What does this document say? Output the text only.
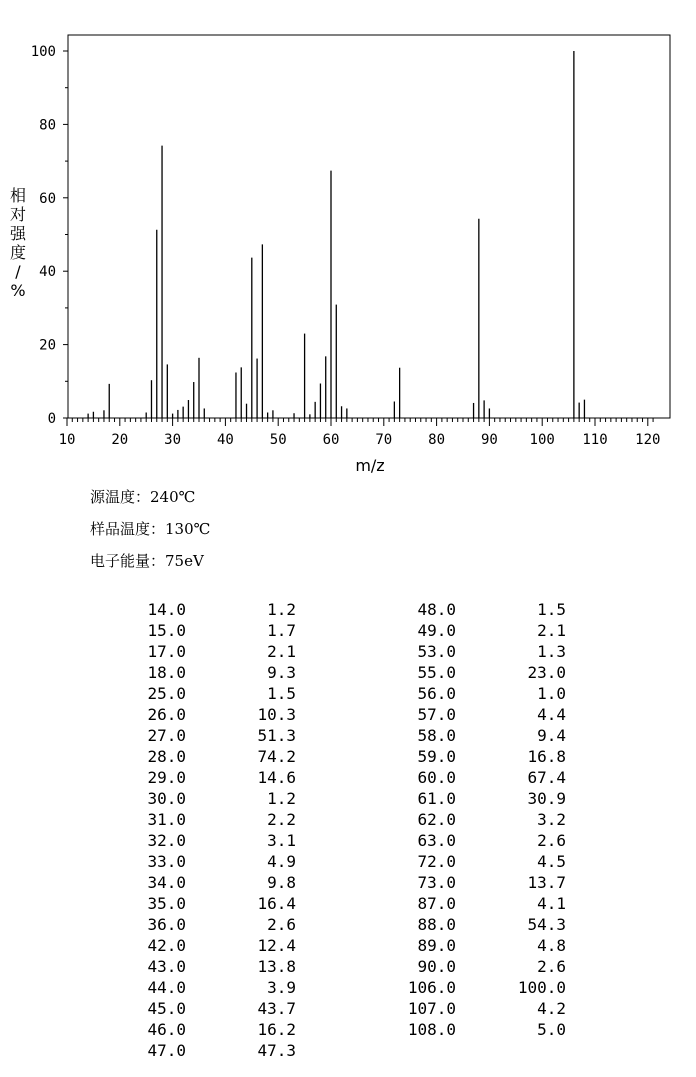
0
20
40
60
80
100
10	20	30	40	50	60	70	80	90 100 110 120
相
对
强
度
/
%
m/z
源温度：240℃
样品温度：130℃
电子能量：75eV
14.0	1.2
15.0	1.7
17.0	2.1
18.0	9.3
25.0	1.5
26.0	10.3
27.0	51.3
28.0	74.2
29.0	14.6
30.0	1.2
31.0	2.2
32.0	3.1
33.0	4.9
34.0	9.8
35.0	16.4
36.0	2.6
42.0	12.4
43.0	13.8
44.0	3.9
45.0	43.7
46.0	16.2
47.0	47.3
48.0	1.5
49.0	2.1
53.0	1.3
55.0	23.0
56.0	1.0
57.0	4.4
58.0	9.4
59.0	16.8
60.0	67.4
61.0	30.9
62.0	3.2
63.0	2.6
72.0	4.5
73.0	13.7
87.0	4.1
88.0	54.3
89.0	4.8
90.0	2.6
106.0	100.0
107.0	4.2
108.0	5.0
